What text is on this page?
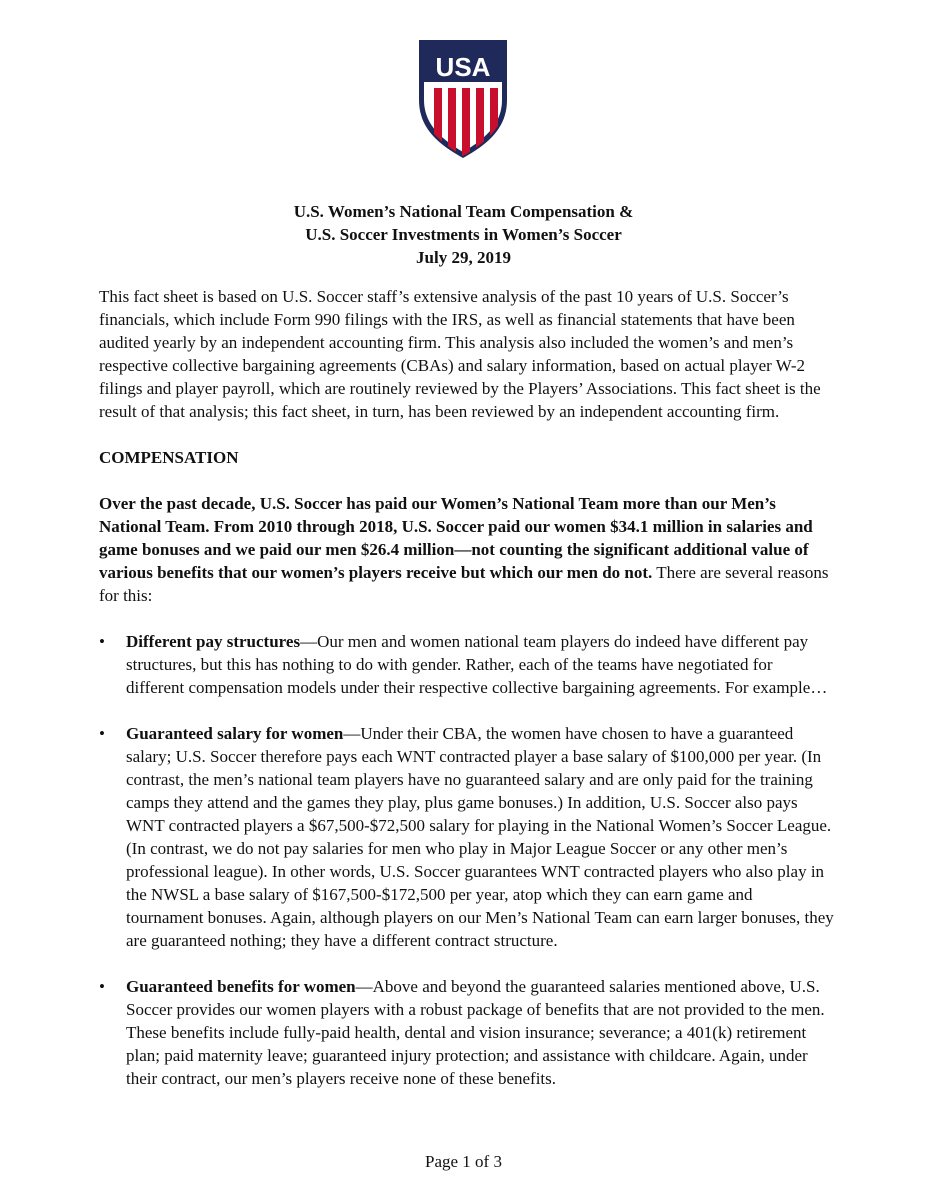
USA
U.S. Women’s National Team Compensation &
U.S. Soccer Investments in Women’s Soccer
July 29, 2019

This fact sheet is based on U.S. Soccer staff’s extensive analysis of the past 10 years of U.S. Soccer’s financials, which include Form 990 filings with the IRS, as well as financial statements that have been audited yearly by an independent accounting firm. This analysis also included the women’s and men’s respective collective bargaining agreements (CBAs) and salary information, based on actual player W-2 filings and player payroll, which are routinely reviewed by the Players’ Associations. This fact sheet is the result of that analysis; this fact sheet, in turn, has been reviewed by an independent accounting firm.

COMPENSATION

Over the past decade, U.S. Soccer has paid our Women’s National Team more than our Men’s National Team. From 2010 through 2018, U.S. Soccer paid our women $34.1 million in salaries and game bonuses and we paid our men $26.4 million—not counting the significant additional value of various benefits that our women’s players receive but which our men do not. There are several reasons for this:

• Different pay structures—Our men and women national team players do indeed have different pay structures, but this has nothing to do with gender. Rather, each of the teams have negotiated for different compensation models under their respective collective bargaining agreements. For example…
• Guaranteed salary for women—Under their CBA, the women have chosen to have a guaranteed salary; U.S. Soccer therefore pays each WNT contracted player a base salary of $100,000 per year. (In contrast, the men’s national team players have no guaranteed salary and are only paid for the training camps they attend and the games they play, plus game bonuses.) In addition, U.S. Soccer also pays WNT contracted players a $67,500-$72,500 salary for playing in the National Women’s Soccer League. (In contrast, we do not pay salaries for men who play in Major League Soccer or any other men’s professional league). In other words, U.S. Soccer guarantees WNT contracted players who also play in the NWSL a base salary of $167,500-$172,500 per year, atop which they can earn game and tournament bonuses. Again, although players on our Men’s National Team can earn larger bonuses, they are guaranteed nothing; they have a different contract structure.
• Guaranteed benefits for women—Above and beyond the guaranteed salaries mentioned above, U.S. Soccer provides our women players with a robust package of benefits that are not provided to the men. These benefits include fully-paid health, dental and vision insurance; severance; a 401(k) retirement plan; paid maternity leave; guaranteed injury protection; and assistance with childcare. Again, under their contract, our men’s players receive none of these benefits.
Page 1 of 3
